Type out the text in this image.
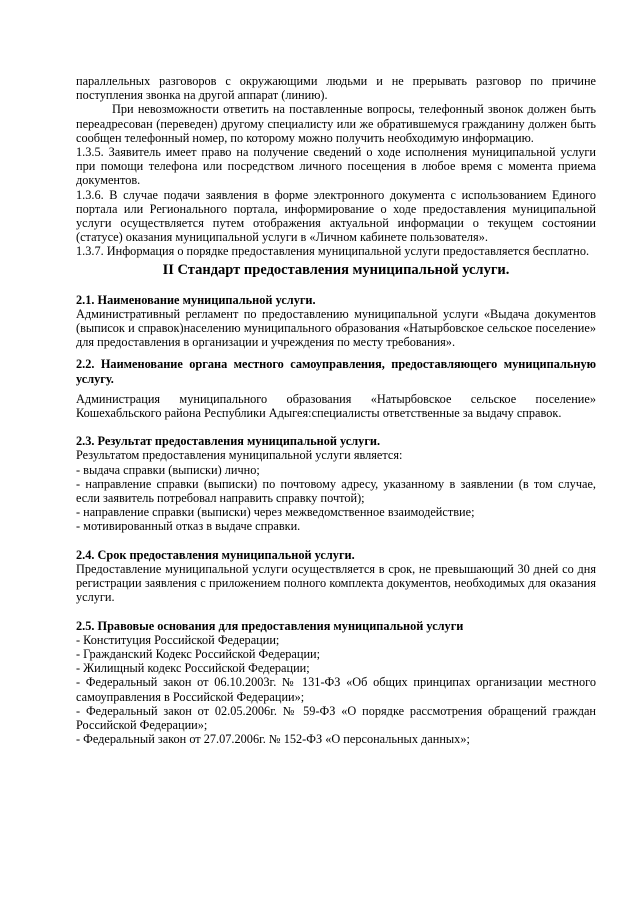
параллельных разговоров с окружающими людьми и не прерывать разговор по причине поступления звонка на другой аппарат (линию).

При невозможности ответить на поставленные вопросы, телефонный звонок должен быть переадресован (переведен) другому специалисту или же обратившемуся гражданину должен быть сообщен телефонный номер, по которому можно получить необходимую информацию.

1.3.5. Заявитель имеет право на получение сведений о ходе исполнения муниципальной услуги при помощи телефона или посредством личного посещения в любое время с момента приема документов.

1.3.6. В случае подачи заявления в форме электронного документа с использованием Единого портала или Регионального портала, информирование о ходе предоставления муниципальной услуги осуществляется путем отображения актуальной информации о текущем состоянии (статусе) оказания муниципальной услуги в «Личном кабинете пользователя».

1.3.7. Информация о порядке предоставления муниципальной услуги предоставляется бесплатно.

II Стандарт предоставления муниципальной услуги.

2.1. Наименование муниципальной услуги.

Административный регламент по предоставлению муниципальной услуги «Выдача документов (выписок и справок)населению муниципального образования «Натырбовское сельское поселение» для предоставления в организации и учреждения по месту требования».

2.2. Наименование органа местного самоуправления, предоставляющего муниципальную услугу.

Администрация муниципального образования «Натырбовское сельское поселение» Кошехабльского района Республики Адыгея:специалисты ответственные за выдачу справок.

2.3. Результат предоставления муниципальной услуги.

Результатом предоставления муниципальной услуги является:

- выдача справки (выписки) лично;
- направление справки (выписки) по почтовому адресу, указанному в заявлении (в том случае, если заявитель потребовал направить справку почтой);
- направление справки (выписки) через межведомственное взаимодействие;
- мотивированный отказ в выдаче справки.

2.4. Срок предоставления муниципальной услуги.

Предоставление муниципальной услуги осуществляется в срок, не превышающий 30 дней со дня регистрации заявления с приложением полного комплекта документов, необходимых для оказания услуги.

2.5. Правовые основания для предоставления муниципальной услуги

- Конституция Российской Федерации;
- Гражданский Кодекс Российской Федерации;
- Жилищный кодекс Российской Федерации;
- Федеральный закон от 06.10.2003г. № 131-ФЗ «Об общих принципах организации местного самоуправления в Российской Федерации»;
- Федеральный закон от 02.05.2006г. № 59-ФЗ «О порядке рассмотрения обращений граждан Российской Федерации»;
- Федеральный закон от 27.07.2006г. № 152-ФЗ «О персональных данных»;
